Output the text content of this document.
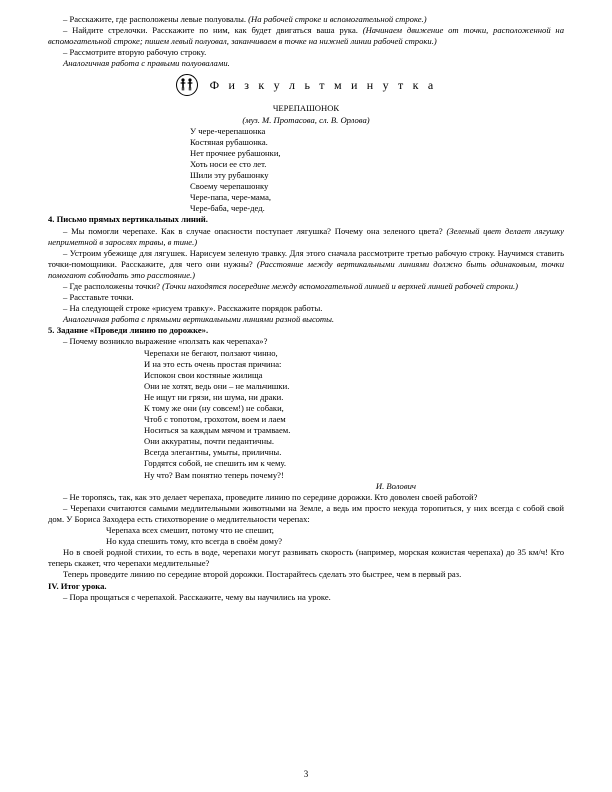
– Расскажите, где расположены левые полуовалы. (На рабочей строке и вспомогательной строке.)

– Найдите стрелочки. Расскажите по ним, как будет двигаться ваша рука. (Начинаем движение от точки, расположенной на вспомогательной строке; пишем левый полуовал, заканчиваем в точке на нижней линии рабочей строки.)

– Рассмотрите вторую рабочую строку.

Аналогичная работа с правыми полуовалами.

Ф и з к у л ь т м и н у т к а

ЧЕРЕПАШОНОК

(муз. М. Протасова, сл. В. Орлова)

У чере-черепашонка
Костяная рубашонка.
Нет прочнее рубашонки,
Хоть носи ее сто лет.
Шили эту рубашонку
Своему черепашонку
Чере-папа, чере-мама,
Чере-баба, чере-дед.

4. Письмо прямых вертикальных линий.

– Мы помогли черепахе. Как в случае опасности поступает лягушка? Почему она зеленого цвета? (Зеленый цвет делает лягушку неприметной в зарослях травы, в тине.)

– Устроим убежище для лягушек. Нарисуем зеленую травку. Для этого сначала рассмотрите третью рабочую строку. Научимся ставить точки-помощники. Расскажите, для чего они нужны? (Расстояние между вертикальными линиями должно быть одинаковым, точки помогают соблюдать это расстояние.)

– Где расположены точки? (Точки находятся посередине между вспомогательной линией и верхней линией рабочей строки.)

– Расставьте точки.

– На следующей строке «рисуем травку». Расскажите порядок работы.

Аналогичная работа с прямыми вертикальными линиями разной высоты.

5. Задание «Проведи линию по дорожке».

– Почему возникло выражение «ползать как черепаха»?

Черепахи не бегают, ползают чинно,
И на это есть очень простая причина:
Испокон свои костяные жилища
Они не хотят, ведь они – не мальчишки.
Не ищут ни грязи, ни шума, ни драки.
К тому же они (ну совсем!) не собаки,
Чтоб с топотом, грохотом, воем и лаем
Носиться за каждым мячом и трамваем.
Они аккуратны, почти педантичны.
Всегда элегантны, умыты, приличны.
Гордятся собой, не спешить им к чему.
Ну что? Вам понятно теперь почему?!

И. Волович

– Не торопясь, так, как это делает черепаха, проведите линию по середине дорожки. Кто доволен своей работой?

– Черепахи считаются самыми медлительными животными на Земле, а ведь им просто некуда торопиться, у них всегда с собой свой дом. У Бориса Заходера есть стихотворение о медлительности черепах:

Черепаха всех смешит, потому что не спешит,
Но куда спешить тому, кто всегда в своём дому?

Но в своей родной стихии, то есть в воде, черепахи могут развивать скорость (например, морская кожистая черепаха) до 35 км/ч! Кто теперь скажет, что черепахи медлительные?

Теперь проведите линию по середине второй дорожки. Постарайтесь сделать это быстрее, чем в первый раз.

IV. Итог урока.

– Пора прощаться с черепахой. Расскажите, чему вы научились на уроке.

3
